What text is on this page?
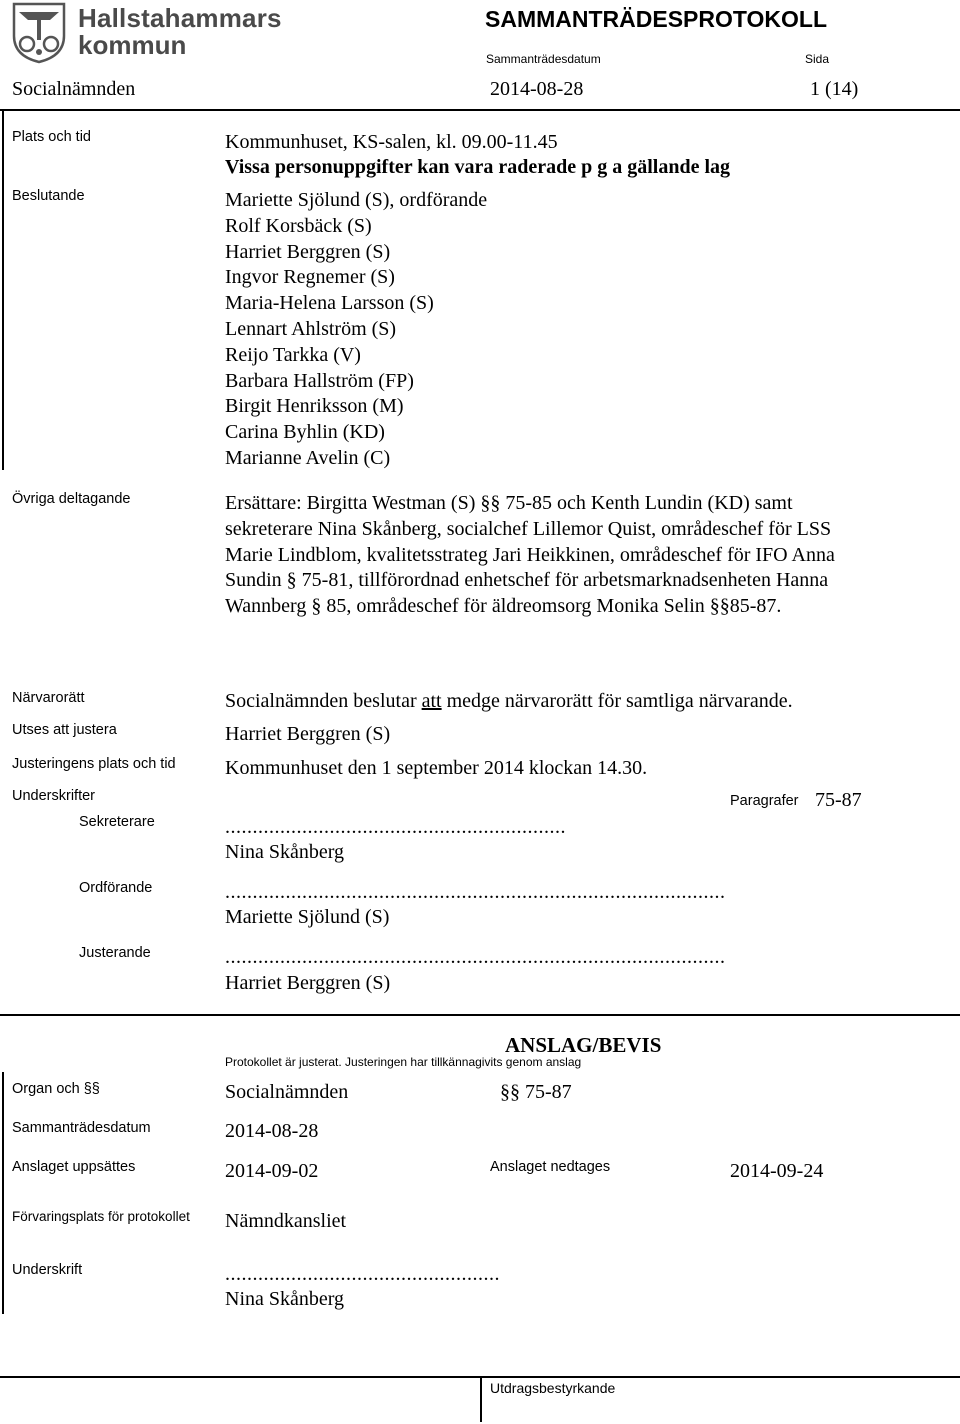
Hallstahammars
kommun
SAMMANTRÄDESPROTOKOLL
Sammanträdesdatum	Sida
Socialnämnden	2014-08-28	1 (14)
Plats och tid	Kommunhuset, KS-salen, kl. 09.00-11.45
Vissa personuppgifter kan vara raderade p g a gällande lag
Beslutande	Mariette Sjölund (S), ordförande
Rolf Korsbäck (S)
Harriet Berggren (S)
Ingvor Regnemer (S)
Maria-Helena Larsson (S)
Lennart Ahlström (S)
Reijo Tarkka (V)
Barbara Hallström (FP)
Birgit Henriksson (M)
Carina Byhlin (KD)
Marianne Avelin (C)
Övriga deltagande	Ersättare: Birgitta Westman (S) §§ 75-85 och Kenth Lundin (KD) samt
sekreterare Nina Skånberg, socialchef Lillemor Quist, områdeschef för LSS
Marie Lindblom, kvalitetsstrateg Jari Heikkinen, områdeschef för IFO Anna
Sundin § 75-81, tillförordnad enhetschef för arbetsmarknadsenheten Hanna
Wannberg § 85, områdeschef för äldreomsorg Monika Selin §§85-87.
Närvarorätt	Socialnämnden beslutar att medge närvarorätt för samtliga närvarande.
Utses att justera	Harriet Berggren (S)
Justeringens plats och tid Kommunhuset den 1 september 2014 klockan 14.30.
Underskrifter	Paragrafer 75-87
Sekreterare	..............................................................
Nina Skånberg
Ordförande	...........................................................................................
Mariette Sjölund (S)
Justerande	...........................................................................................
Harriet Berggren (S)
ANSLAG/BEVIS
Protokollet är justerat. Justeringen har tillkännagivits genom anslag
Organ och §§	Socialnämnden	§§ 75-87
Sammanträdesdatum	2014-08-28
Anslaget uppsättes	2014-09-02	Anslaget nedtages	2014-09-24
Förvaringsplats för protokollet Nämndkansliet
Underskrift	..................................................
Nina Skånberg
Utdragsbestyrkande
